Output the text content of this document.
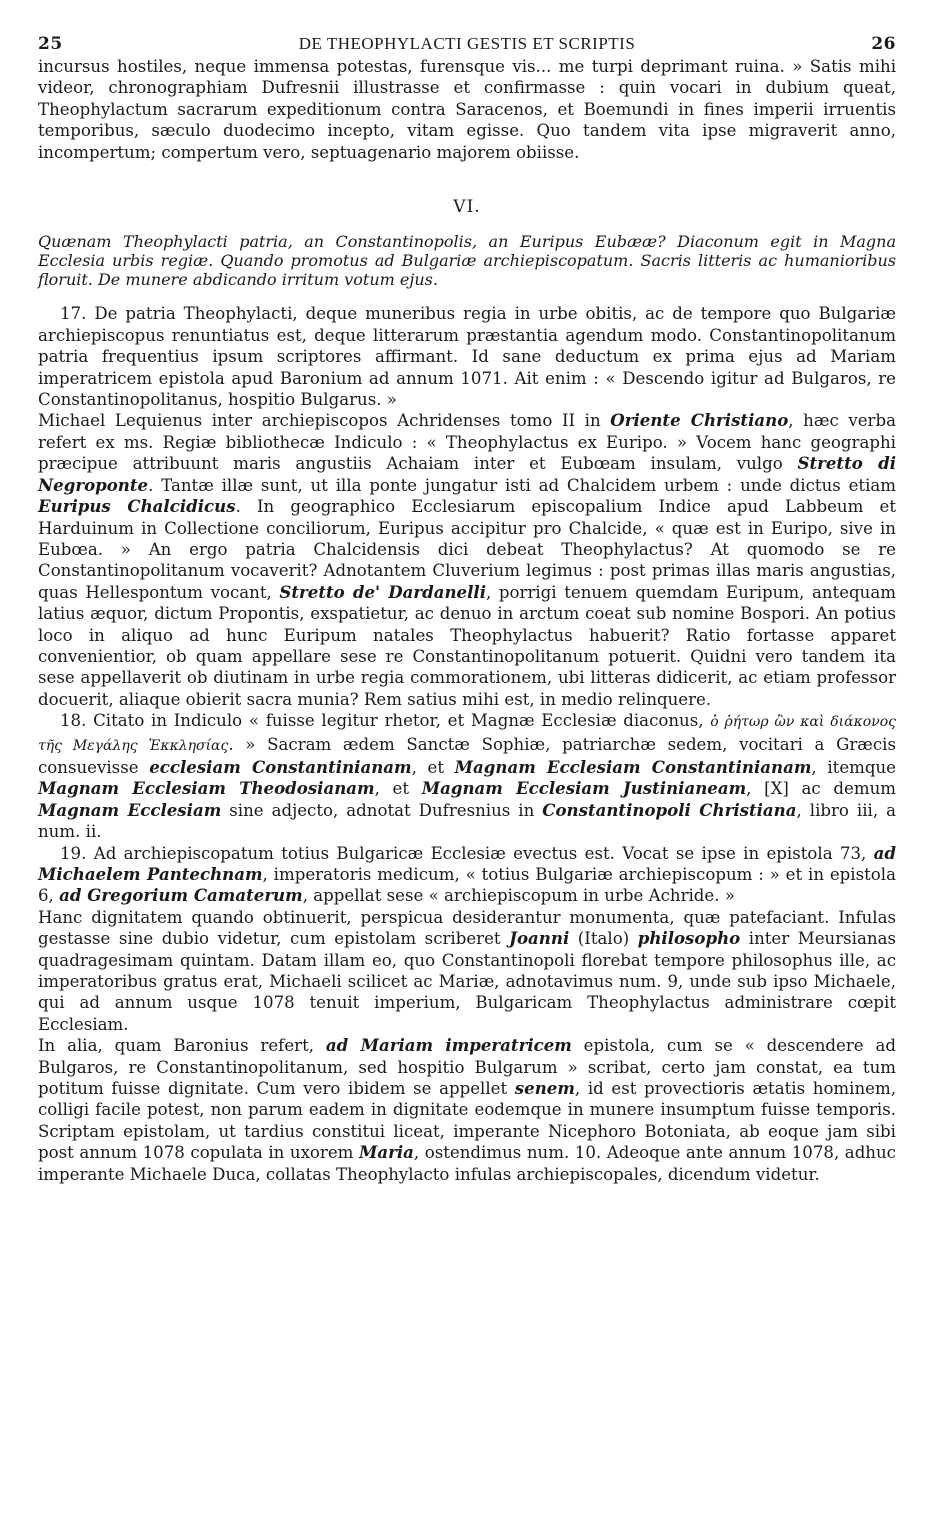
25	DE THEOPHYLACTI GESTIS ET SCRIPTIS	26

incursus hostiles, neque immensa potestas, furensque vis... me turpi deprimant ruina. » Satis mihi videor, chronographiam Dufresnii illustrasse et confirmasse : quin vocari in dubium queat, Theophylactum sacrarum expeditionum contra Saracenos, et Boemundi in fines imperii irruentis temporibus, sæculo duodecimo incepto, vitam egisse. Quo tandem vita ipse migraverit anno, incompertum; compertum vero, septuagenario majorem obiisse.

VI.
Quænam Theophylacti patria, an Constantinopolis, an Euripus Eubææ? Diaconum egit in Magna Ecclesia urbis regiæ. Quando promotus ad Bulgariæ archiepiscopatum. Sacris litteris ac humanioribus floruit. De munere abdicando irritum votum ejus.

17. De patria Theophylacti, deque muneribus regia in urbe obitis, ac de tempore quo Bulgariæ archiepiscopus renuntiatus est, deque litterarum præstantia agendum modo. Constantinopolitanum patria frequentius ipsum scriptores affirmant. Id sane deductum ex prima ejus ad Mariam imperatricem epistola apud Baronium ad annum 1071. Ait enim : « Descendo igitur ad Bulgaros, re Constantinopolitanus, hospitio Bulgarus. »

Michael Lequienus inter archiepiscopos Achridenses tomo II in Oriente Christiano, hæc verba refert ex ms. Regiæ bibliothecæ Indiculo : « Theophylactus ex Euripo. » Vocem hanc geographi præcipue attribuunt maris angustiis Achaiam inter et Eubœam insulam, vulgo Stretto di Negroponte. Tantæ illæ sunt, ut illa ponte jungatur isti ad Chalcidem urbem : unde dictus etiam Euripus Chalcidicus. In geographico Ecclesiarum episcopalium Indice apud Labbeum et Harduinum in Collectione conciliorum, Euripus accipitur pro Chalcide, « quæ est in Euripo, sive in Eubœa. » An ergo patria Chalcidensis dici debeat Theophylactus? At quomodo se re Constantinopolitanum vocaverit? Adnotantem Cluverium legimus : post primas illas maris angustias, quas Hellespontum vocant, Stretto de' Dardanelli, porrigi tenuem quemdam Euripum, antequam latius æquor, dictum Propontis, exspatietur, ac denuo in arctum coeat sub nomine Bospori. An potius loco in aliquo ad hunc Euripum natales Theophylactus habuerit? Ratio fortasse apparet convenientior, ob quam appellare sese re Constantinopolitanum potuerit. Quidni vero tandem ita sese appellaverit ob diutinam in urbe regia commorationem, ubi litteras didicerit, ac etiam professor docuerit, aliaque obierit sacra munia? Rem satius mihi est, in medio relinquere.

18. Citato in Indiculo « fuisse legitur rhetor, et Magnæ Ecclesiæ diaconus, ὁ ῥήτωρ ὢν καὶ διάκονος τῆς Μεγάλης Ἐκκλησίας. » Sacram ædem Sanctæ Sophiæ, patriarchæ sedem, vocitari a Græcis consuevisse ecclesiam Constantinianam, et Magnam Ecclesiam Constantinianam, itemque Magnam Ecclesiam Theodosianam, et Magnam Ecclesiam Justinianeam, [X] ac demum Magnam Ecclesiam sine adjecto, adnotat Dufresnius in Constantinopoli Christiana, libro iii, a num. ii.

19. Ad archiepiscopatum totius Bulgaricæ Ecclesiæ evectus est. Vocat se ipse in epistola 73, ad Michaelem Pantechnam, imperatoris medicum, « totius Bulgariæ archiepiscopum : » et in epistola 6, ad Gregorium Camaterum, appellat sese « archiepiscopum in urbe Achride. »

Hanc dignitatem quando obtinuerit, perspicua desiderantur monumenta, quæ patefaciant. Infulas gestasse sine dubio videtur, cum epistolam scriberet Joanni (Italo) philosopho inter Meursianas quadragesimam quintam. Datam illam eo, quo Constantinopoli florebat tempore philosophus ille, ac imperatoribus gratus erat, Michaeli scilicet ac Mariæ, adnotavimus num. 9, unde sub ipso Michaele, qui ad annum usque 1078 tenuit imperium, Bulgaricam Theophylactus administrare cœpit Ecclesiam.

In alia, quam Baronius refert, ad Mariam imperatricem epistola, cum se « descendere ad Bulgaros, re Constantinopolitanum, sed hospitio Bulgarum » scribat, certo jam constat, ea tum potitum fuisse dignitate. Cum vero ibidem se appellet senem, id est provectioris ætatis hominem, colligi facile potest, non parum eadem in dignitate eodemque in munere insumptum fuisse temporis. Scriptam epistolam, ut tardius constitui liceat, imperante Nicephoro Botoniata, ab eoque jam sibi post annum 1078 copulata in uxorem Maria, ostendimus num. 10. Adeoque ante annum 1078, adhuc imperante Michaele Duca, collatas Theophylacto infulas archiepiscopales, dicendum videtur.
